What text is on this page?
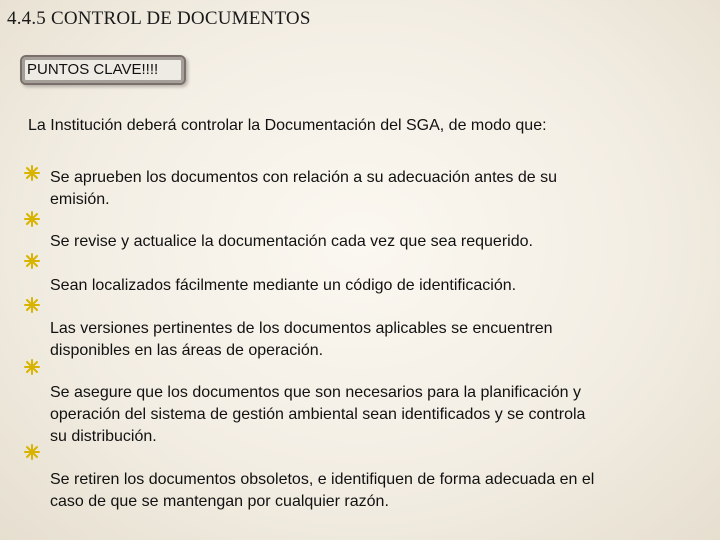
4.4.5 CONTROL DE DOCUMENTOS
PUNTOS CLAVE!!!!
La Institución deberá controlar la Documentación del SGA, de modo que:
Se aprueben los documentos con relación a su adecuación antes de su
emisión.
Se revise y actualice la documentación cada vez que sea requerido.
Sean localizados fácilmente mediante un código de identificación.
Las versiones pertinentes de los documentos aplicables se encuentren
disponibles en las áreas de operación.
Se asegure que los documentos que son necesarios para la planificación y
operación del sistema de gestión ambiental sean identificados y se controla
su distribución.
Se retiren los documentos obsoletos, e identifiquen de forma adecuada en el
caso de que se mantengan por cualquier razón.
